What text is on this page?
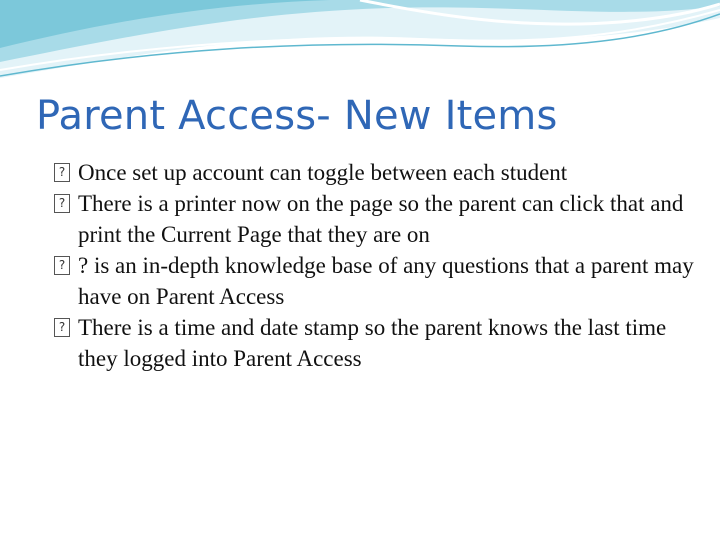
Parent Access- New Items
? Once set up account can toggle between each student
? There is a printer now on the page so the parent can click that and print the Current Page that they are on
? ? is an in-depth knowledge base of any questions that a parent may have on Parent Access
? There is a time and date stamp so the parent knows the last time they logged into Parent Access
